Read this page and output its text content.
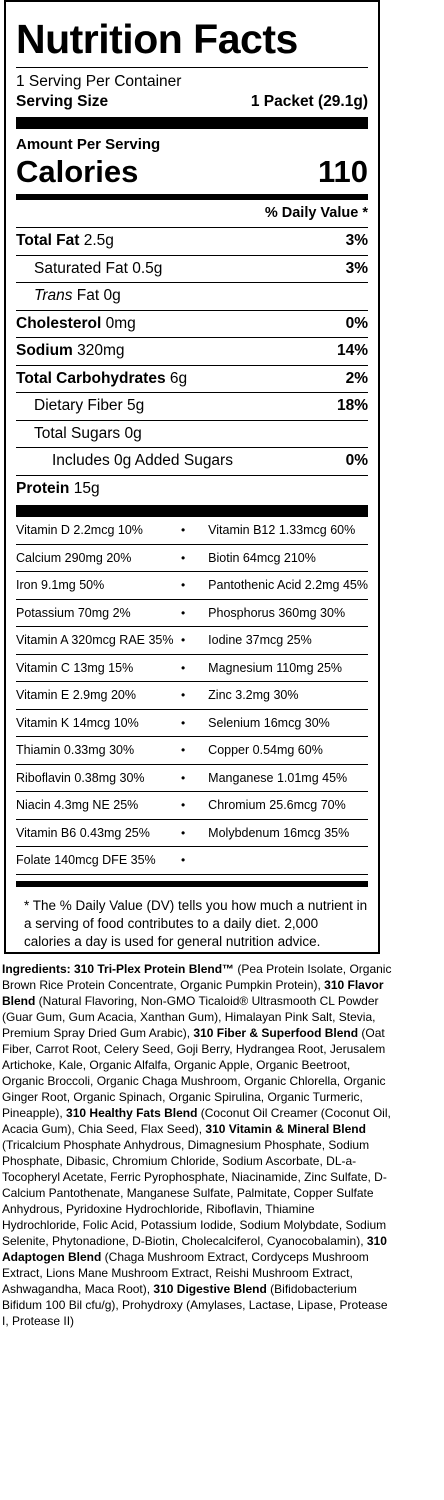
Nutrition Facts
1 Serving Per Container
Serving Size	1 Packet (29.1g)
Amount Per Serving
Calories	110
% Daily Value *
Total Fat 2.5g	3%
Saturated Fat 0.5g	3%
Trans Fat 0g
Cholesterol 0mg	0%
Sodium 320mg	14%
Total Carbohydrates 6g	2%
Dietary Fiber 5g	18%
Total Sugars 0g
Includes 0g Added Sugars	0%
Protein 15g
Vitamin D 2.2mcg 10%	• Vitamin B12 1.33mcg 60%
Calcium 290mg 20%	• Biotin 64mcg 210%
Iron 9.1mg 50%	• Pantothenic Acid 2.2mg 45%
Potassium 70mg 2%	• Phosphorus 360mg 30%
Vitamin A 320mcg RAE 35% • Iodine 37mcg 25%
Vitamin C 13mg 15%	• Magnesium 110mg 25%
Vitamin E 2.9mg 20%	• Zinc 3.2mg 30%
Vitamin K 14mcg 10%	• Selenium 16mcg 30%
Thiamin 0.33mg 30%	• Copper 0.54mg 60%
Riboflavin 0.38mg 30%	• Manganese 1.01mg 45%
Niacin 4.3mg NE 25%	• Chromium 25.6mcg 70%
Vitamin B6 0.43mg 25%	• Molybdenum 16mcg 35%
Folate 140mcg DFE 35% •
* The % Daily Value (DV) tells you how much a nutrient in a serving of food contributes to a daily diet. 2,000 calories a day is used for general nutrition advice.
Ingredients: 310 Tri-Plex Protein Blend™ (Pea Protein Isolate, Organic Brown Rice Protein Concentrate, Organic Pumpkin Protein), 310 Flavor Blend (Natural Flavoring, Non-GMO Ticaloid® Ultrasmooth CL Powder (Guar Gum, Gum Acacia, Xanthan Gum), Himalayan Pink Salt, Stevia, Premium Spray Dried Gum Arabic), 310 Fiber & Superfood Blend (Oat Fiber, Carrot Root, Celery Seed, Goji Berry, Hydrangea Root, Jerusalem Artichoke, Kale, Organic Alfalfa, Organic Apple, Organic Beetroot, Organic Broccoli, Organic Chaga Mushroom, Organic Chlorella, Organic Ginger Root, Organic Spinach, Organic Spirulina, Organic Turmeric, Pineapple), 310 Healthy Fats Blend (Coconut Oil Creamer (Coconut Oil, Acacia Gum), Chia Seed, Flax Seed), 310 Vitamin & Mineral Blend (Tricalcium Phosphate Anhydrous, Dimagnesium Phosphate, Sodium Phosphate, Dibasic, Chromium Chloride, Sodium Ascorbate, DL-a-Tocopheryl Acetate, Ferric Pyrophosphate, Niacinamide, Zinc Sulfate, D-Calcium Pantothenate, Manganese Sulfate, Palmitate, Copper Sulfate Anhydrous, Pyridoxine Hydrochloride, Riboflavin, Thiamine Hydrochloride, Folic Acid, Potassium Iodide, Sodium Molybdate, Sodium Selenite, Phytonadione, D-Biotin, Cholecalciferol, Cyanocobalamin), 310 Adaptogen Blend (Chaga Mushroom Extract, Cordyceps Mushroom Extract, Lions Mane Mushroom Extract, Reishi Mushroom Extract, Ashwagandha, Maca Root), 310 Digestive Blend (Bifidobacterium Bifidum 100 Bil cfu/g), Prohydroxy (Amylases, Lactase, Lipase, Protease I, Protease II)
